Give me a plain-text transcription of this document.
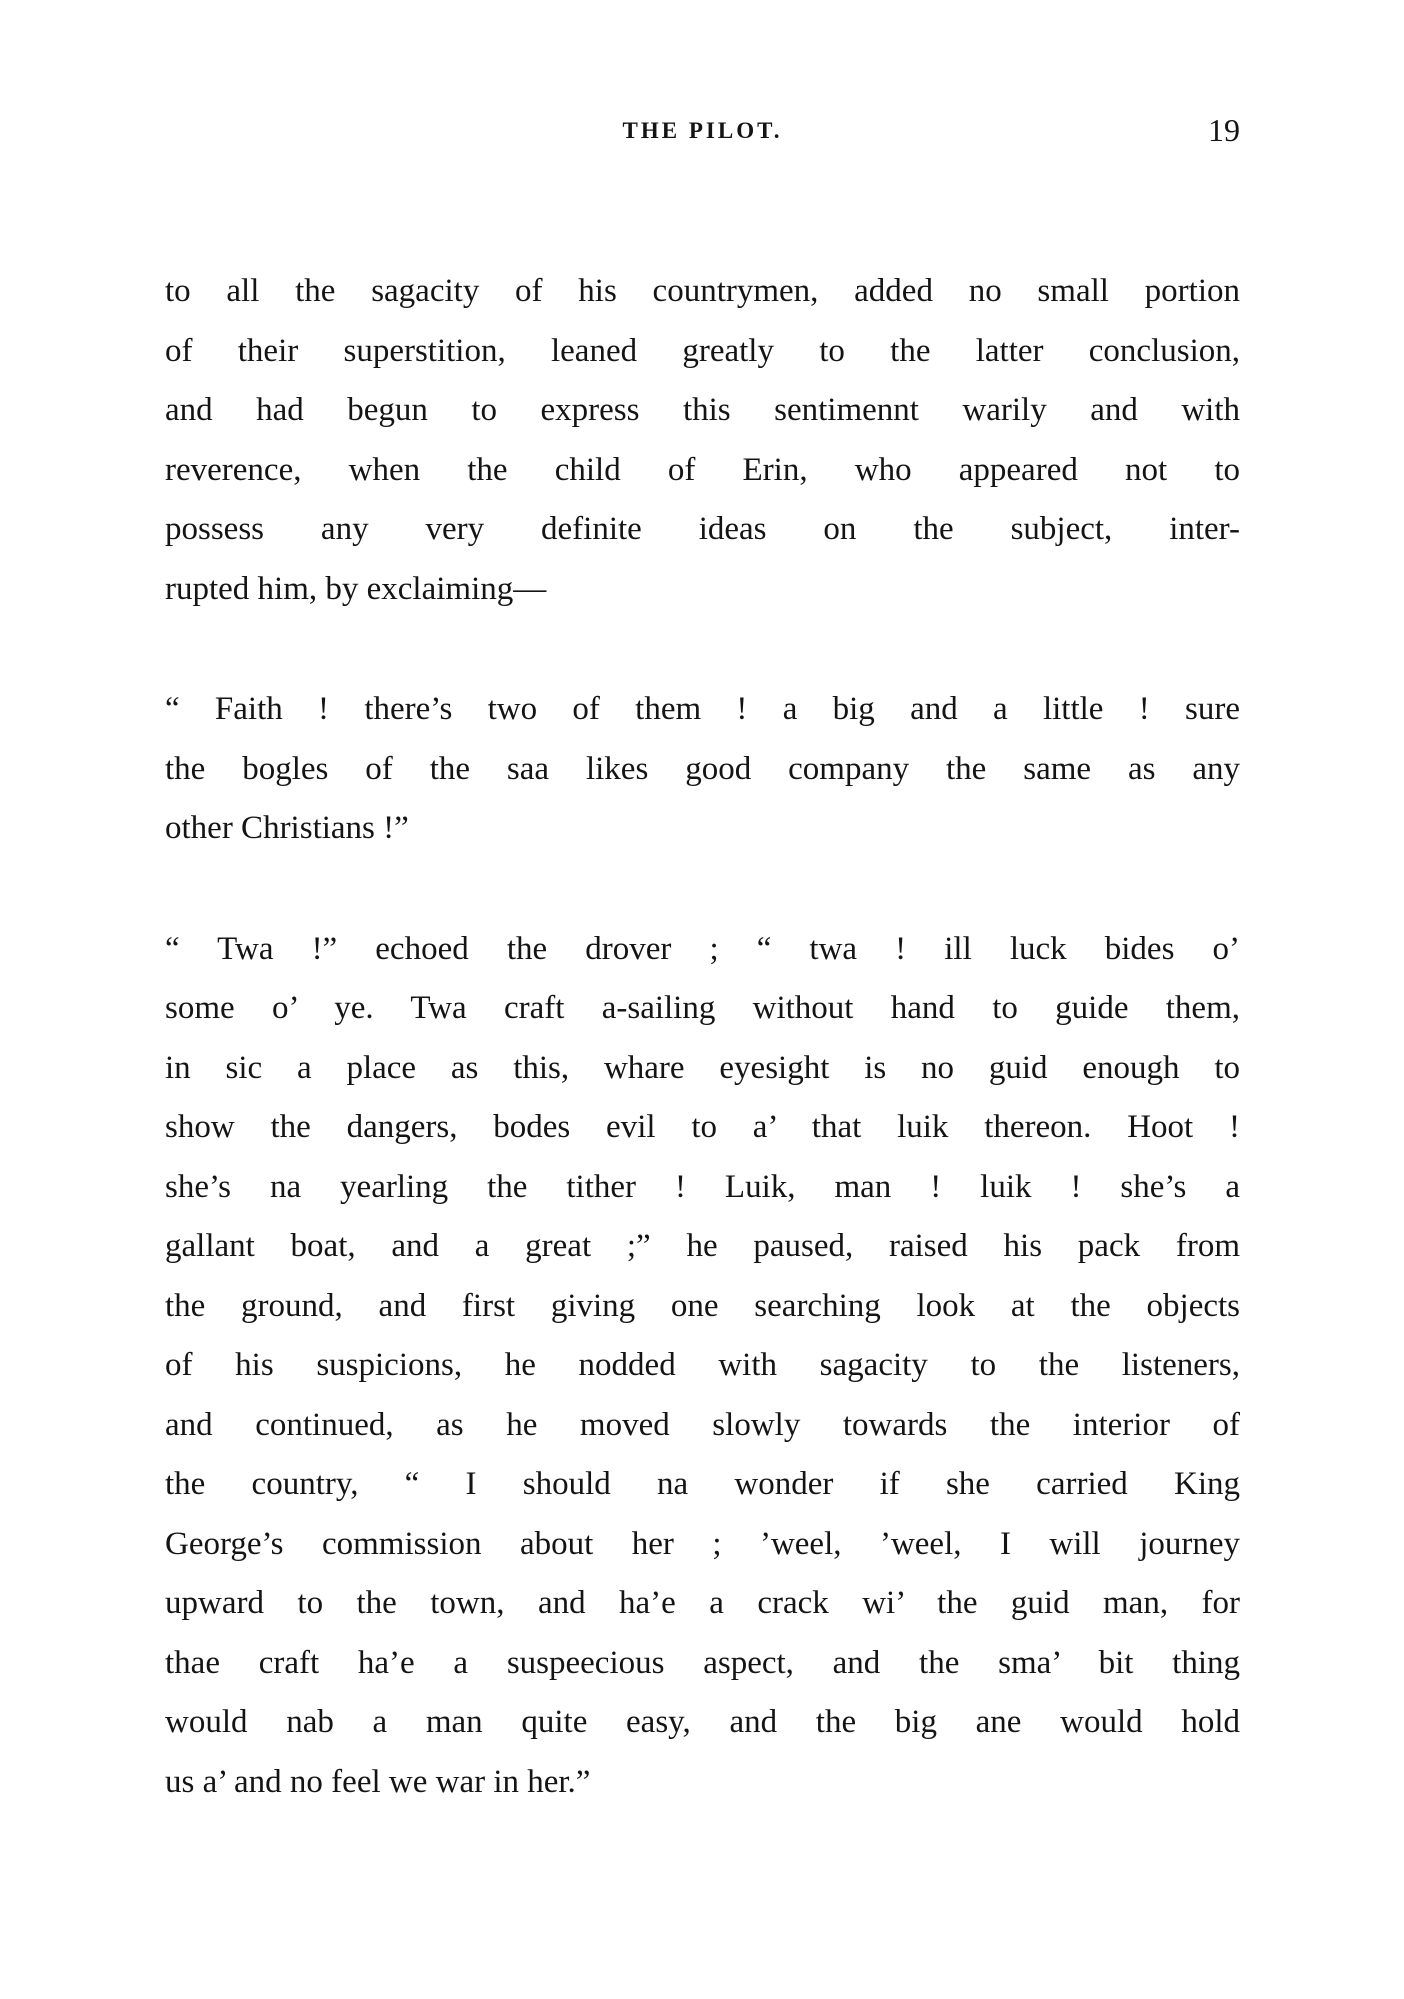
THE PILOT.	19
to all the sagacity of his countrymen, added no small portion
of their superstition, leaned greatly to the latter conclusion,
and had begun to express this sentimennt warily and with
reverence, when the child of Erin, who appeared not to
possess any very definite ideas on the subject, inter-
rupted him, by exclaiming—
“ Faith ! there’s two of them ! a big and a little ! sure
the bogles of the saa likes good company the same as any
other Christians !”
“ Twa !” echoed the drover ; “ twa ! ill luck bides o’
some o’ ye. Twa craft a-sailing without hand to guide them,
in sic a place as this, whare eyesight is no guid enough to
show the dangers, bodes evil to a’ that luik thereon. Hoot !
she’s na yearling the tither ! Luik, man ! luik ! she’s a
gallant boat, and a great ;” he paused, raised his pack from
the ground, and first giving one searching look at the objects
of his suspicions, he nodded with sagacity to the listeners,
and continued, as he moved slowly towards the interior of
the country, “ I should na wonder if she carried King
George’s commission about her ; ’weel, ’weel, I will journey
upward to the town, and ha’e a crack wi’ the guid man, for
thae craft ha’e a suspeecious aspect, and the sma’ bit thing
would nab a man quite easy, and the big ane would hold
us a’ and no feel we war in her.”
